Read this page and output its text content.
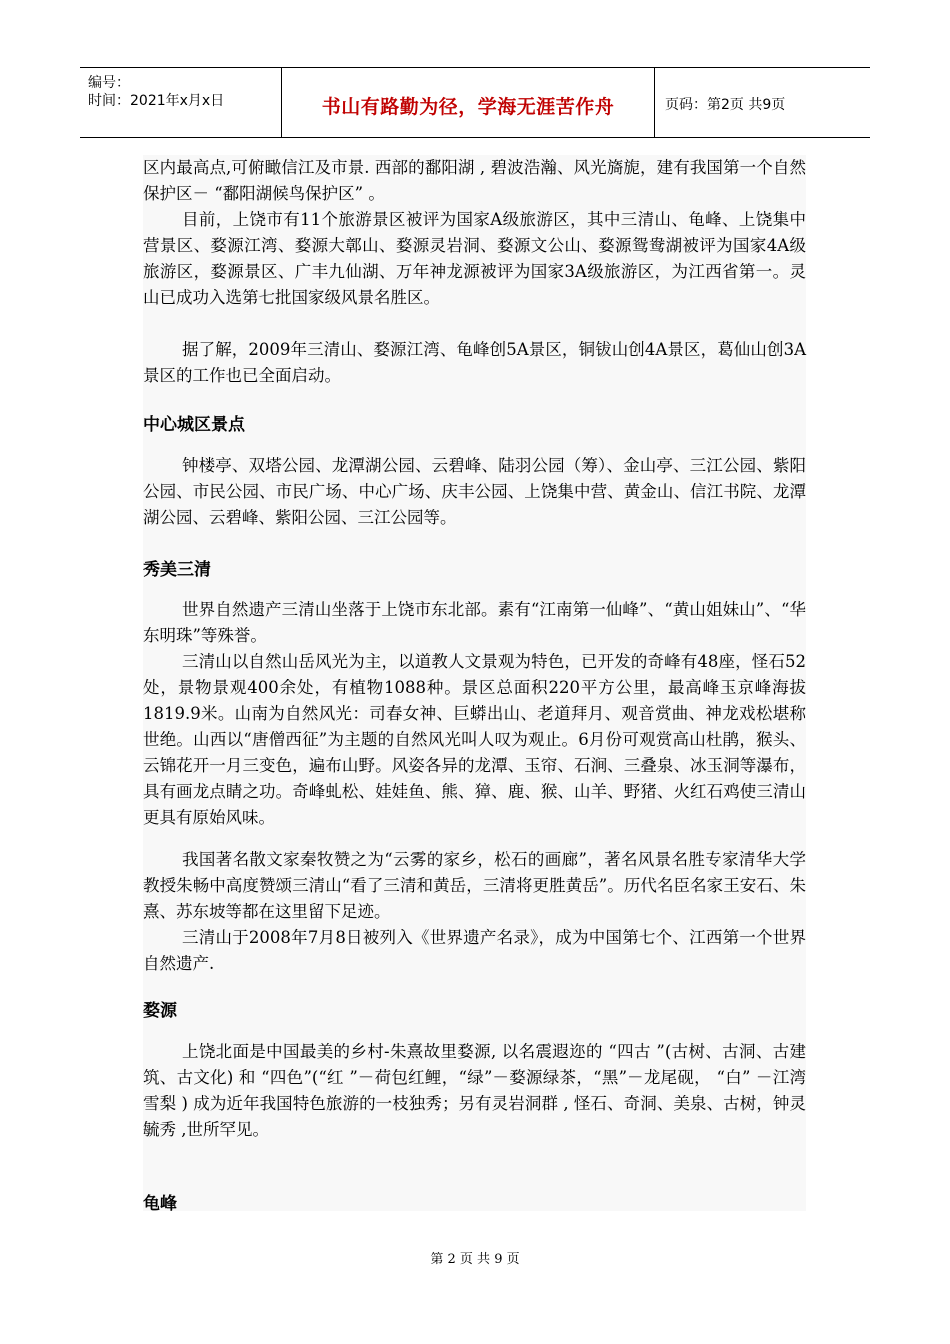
编号：
时间：2021年x月x日	书山有路勤为径，学海无涯苦作舟	页码：第2页 共9页
区内最高点,可俯瞰信江及市景. 西部的鄱阳湖 , 碧波浩瀚、风光旖旎，建有我国第一个自然保护区－ “鄱阳湖候鸟保护区” 。
目前，上饶市有11个旅游景区被评为国家A级旅游区，其中三清山、龟峰、上饶集中营景区、婺源江湾、婺源大鄣山、婺源灵岩洞、婺源文公山、婺源鸳鸯湖被评为国家4A级旅游区，婺源景区、广丰九仙湖、万年神龙源被评为国家3A级旅游区，为江西省第一。灵山已成功入选第七批国家级风景名胜区。
据了解，2009年三清山、婺源江湾、龟峰创5A景区，铜钹山创4A景区，葛仙山创3A景区的工作也已全面启动。
中心城区景点
钟楼亭、双塔公园、龙潭湖公园、云碧峰、陆羽公园（筹）、金山亭、三江公园、紫阳公园、市民公园、市民广场、中心广场、庆丰公园、上饶集中营、黄金山、信江书院、龙潭湖公园、云碧峰、紫阳公园、三江公园等。
秀美三清
世界自然遗产三清山坐落于上饶市东北部。素有“江南第一仙峰”、“黄山姐妹山”、“华东明珠”等殊誉。
三清山以自然山岳风光为主，以道教人文景观为特色，已开发的奇峰有48座，怪石52处，景物景观400余处，有植物1088种。景区总面积220平方公里，最高峰玉京峰海拔1819.9米。山南为自然风光：司春女神、巨蟒出山、老道拜月、观音赏曲、神龙戏松堪称世绝。山西以“唐僧西征”为主题的自然风光叫人叹为观止。6月份可观赏高山杜鹃，猴头、云锦花开一月三变色，遍布山野。风姿各异的龙潭、玉帘、石涧、三叠泉、冰玉洞等瀑布，具有画龙点睛之功。奇峰虬松、娃娃鱼、熊、獐、鹿、猴、山羊、野猪、火红石鸡使三清山更具有原始风味。
我国著名散文家秦牧赞之为“云雾的家乡，松石的画廊”，著名风景名胜专家清华大学教授朱畅中高度赞颂三清山“看了三清和黄岳，三清将更胜黄岳”。历代名臣名家王安石、朱熹、苏东坡等都在这里留下足迹。
三清山于2008年7月8日被列入《世界遗产名录》，成为中国第七个、江西第一个世界自然遗产.
婺源
上饶北面是中国最美的乡村-朱熹故里婺源, 以名震遐迩的 “四古 ”(古树、古洞、古建筑、古文化) 和 “四色”(“红 ”－荷包红鲤，“绿”－婺源绿茶，“黑”－龙尾砚， “白” －江湾雪梨 ) 成为近年我国特色旅游的一枝独秀；另有灵岩洞群 , 怪石、奇洞、美泉、古树，钟灵毓秀 ,世所罕见。
龟峰
第 2 页 共 9 页
